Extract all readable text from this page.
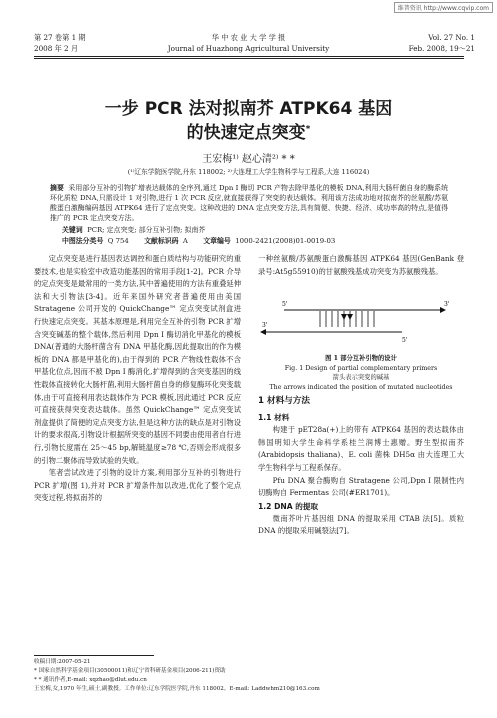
维普资讯 http://www.cqvip.com
第 27 卷第 1 期
2008 年 2 月
华 中 农 业 大 学 学 报
Journal of Huazhong Agricultural University
Vol. 27 No. 1
Feb. 2008, 19～21
一步 PCR 法对拟南芥 ATPK64 基因
的快速定点突变*
王宏梅¹⁾ 赵心清²⁾ * *
(¹⁾辽东学院医学院,丹东 118002; ²⁾大连理工大学生物科学与工程系,大连 116024)
摘要 采用部分互补的引物扩增表达载体的全序列,通过 Dpn I 酶切 PCR 产物去除甲基化的模板 DNA,利用大肠杆菌自身的酶系统环化质粒 DNA,只需设计 1 对引物,进行 1 次 PCR 反应,就直接获得了突变的表达载体。利用该方法成功地对拟南芥的丝氨酸/苏氨酸蛋白激酶编码基因 ATPK64 进行了定点突变。这种改进的 DNA 定点突变方法,具有简便、快捷、经济、成功率高的特点,是值得推广的 PCR 定点突变方法。
关键词 PCR; 定点突变; 部分互补引物; 拟南芥
中图法分类号 Q 754 文献标识码 A 文章编号 1000-2421(2008)01-0019-03

定点突变是进行基因表达调控和蛋白质结构与功能研究的重要技术,也是实验室中改造功能基因的常用手段[1-2]。PCR 介导的定点突变是最常用的一类方法,其中普遍使用的方法有重叠延伸法和大引物法[3-4]。近年来国外研究者普遍使用由美国 Stratagene 公司开发的 QuickChange™ 定点突变试剂盒进行快速定点突变。其基本原理是,利用完全互补的引物 PCR 扩增含突变碱基的整个载体,然后利用 Dpn I 酶切消化甲基化的模板 DNA(普通的大肠杆菌含有 DNA 甲基化酶,因此提取出的作为模板的 DNA 都是甲基化的),由于得到的 PCR 产物线性载体不含甲基化位点,因而不被 Dpn I 酶消化,扩增得到的含突变基因的线性载体直接转化大肠杆菌,利用大肠杆菌自身的修复酶环化突变载体,由于可直接利用表达载体作为 PCR 模板,因此通过 PCR 反应可直接获得突变表达载体。虽然 QuickChange™ 定点突变试剂盒提供了简便的定点突变方法,但是这种方法的缺点是对引物设计的要求很高,引物设计根据所突变的基因不同要由使用者自行进行,引物长度需在 25～45 bp,解链温度≥78 ℃,否则会形成很多的引物二聚体而导致试验的失败。

笔者尝试改进了引物的设计方案,利用部分互补的引物进行 PCR 扩增(图 1),并对 PCR 扩增条件加以改进,优化了整个定点突变过程,将拟南芥的

一种丝氨酸/苏氨酸蛋白激酶基因 ATPK64 基因(GenBank 登录号:At5g55910)的甘氨酸残基成功突变为苏氨酸残基。

5'	3'
3'
5'
图 1 部分互补引物的设计
Fig. 1 Design of partial complementary primers
箭头表示突变的碱基
The arrows indicated the position of mutated nucleotides
1 材料与方法
1.1 材料

构建于 pET28a(+)上的带有 ATPK64 基因的表达载体由韩国明知大学生命科学系桂兰润博士惠赠。野生型拟南芥(Arabidopsis thaliana)、E. coli 菌株 DH5α 由大连理工大学生物科学与工程系保存。

Pfu DNA 聚合酶购自 Stratagene 公司,Dpn I 限制性内切酶购自 Fermentas 公司(#ER1701)。

1.2 DNA 的提取

微南芥叶片基因组 DNA 的提取采用 CTAB 法[5]。质粒 DNA 的提取采用碱裂法[7]。

收稿日期:2007-05-21
* 国家自然科学基金项目(30500011)和辽宁省科研基金项目(2006-211)资助
* * 通讯作者,E-mail: xqzhao@dlut.edu.cn
王宏梅,女,1970 年生,硕士,副教授。工作单位:辽东学院医学院,丹东 118002。E-mail: Laddwhm210@163.com
